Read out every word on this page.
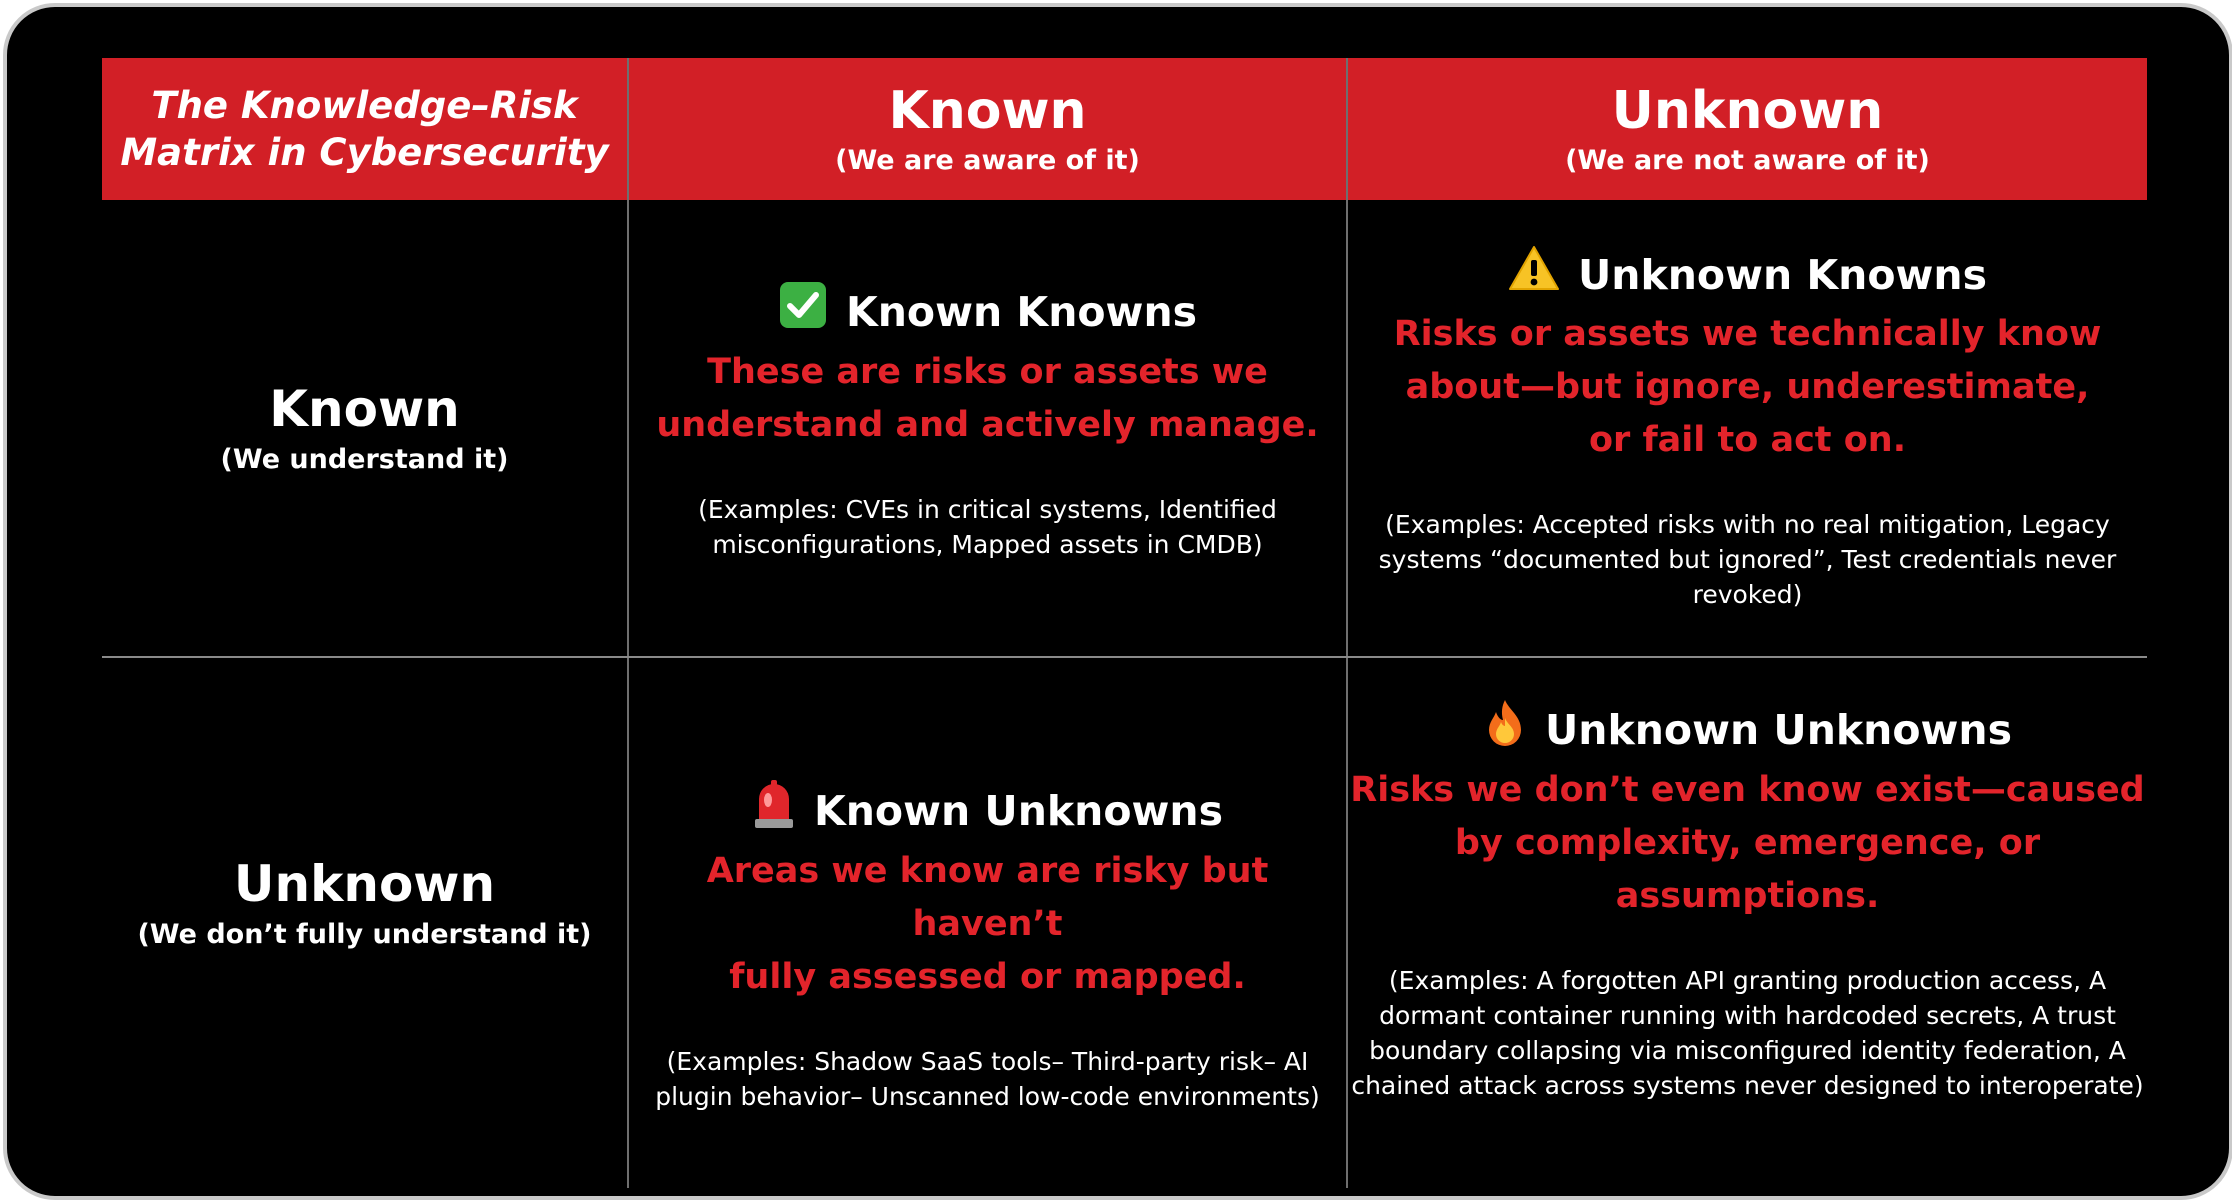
The Knowledge–Risk
Matrix in Cybersecurity
Known
(We are aware of it)
Unknown
(We are not aware of it)
Known
(We understand it)
Unknown
(We don’t fully understand it)
Known Knowns
These are risks or assets we
understand and actively manage.
(Examples: CVEs in critical systems, Identified
misconfigurations, Mapped assets in CMDB)
Unknown Knowns
Risks or assets we technically know
about—but ignore, underestimate,
or fail to act on.
(Examples: Accepted risks with no real mitigation, Legacy
systems “documented but ignored”, Test credentials never
revoked)
Known Unknowns
Areas we know are risky but haven’t
fully assessed or mapped.
(Examples: Shadow SaaS tools– Third-party risk– AI
plugin behavior– Unscanned low-code environments)
Unknown Unknowns
Risks we don’t even know exist—caused
by complexity, emergence, or
assumptions.
(Examples: A forgotten API granting production access, A
dormant container running with hardcoded secrets, A trust
boundary collapsing via misconfigured identity federation, A
chained attack across systems never designed to interoperate)
